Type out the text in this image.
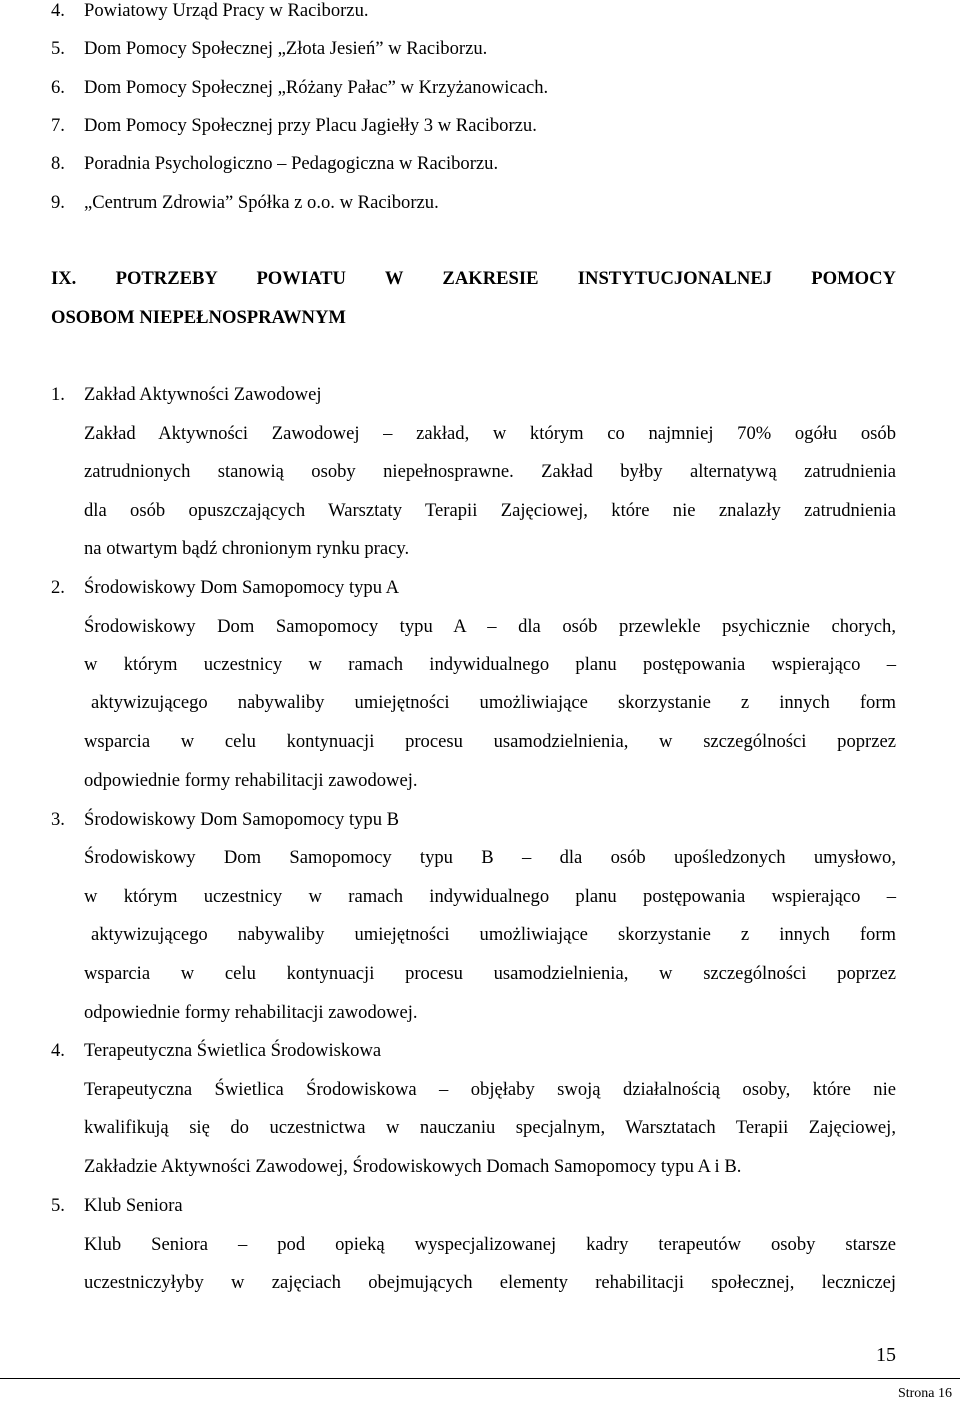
4. Powiatowy Urząd Pracy w Raciborzu.
5. Dom Pomocy Społecznej „Złota Jesień” w Raciborzu.
6. Dom Pomocy Społecznej „Różany Pałac” w Krzyżanowicach.
7. Dom Pomocy Społecznej przy Placu Jagiełły 3 w Raciborzu.
8. Poradnia Psychologiczno – Pedagogiczna w Raciborzu.
9. „Centrum Zdrowia” Spółka z o.o. w Raciborzu.
IX. POTRZEBY POWIATU W ZAKRESIE INSTYTUCJONALNEJ POMOCY
OSOBOM NIEPEŁNOSPRAWNYM
1. Zakład Aktywności Zawodowej
Zakład Aktywności Zawodowej – zakład, w którym co najmniej 70% ogółu osób
zatrudnionych stanowią osoby niepełnosprawne. Zakład byłby alternatywą zatrudnienia
dla osób opuszczających Warsztaty Terapii Zajęciowej, które nie znalazły zatrudnienia
na otwartym bądź chronionym rynku pracy.
2. Środowiskowy Dom Samopomocy typu A
Środowiskowy Dom Samopomocy typu A – dla osób przewlekle psychicznie chorych,
w którym uczestnicy w ramach indywidualnego planu postępowania wspierająco –
aktywizującego nabywaliby umiejętności umożliwiające skorzystanie z innych form
wsparcia w celu kontynuacji procesu usamodzielnienia, w szczególności poprzez
odpowiednie formy rehabilitacji zawodowej.
3. Środowiskowy Dom Samopomocy typu B
Środowiskowy Dom Samopomocy typu B – dla osób upośledzonych umysłowo,
w którym uczestnicy w ramach indywidualnego planu postępowania wspierająco –
aktywizującego nabywaliby umiejętności umożliwiające skorzystanie z innych form
wsparcia w celu kontynuacji procesu usamodzielnienia, w szczególności poprzez
odpowiednie formy rehabilitacji zawodowej.
4. Terapeutyczna Świetlica Środowiskowa
Terapeutyczna Świetlica Środowiskowa – objęłaby swoją działalnością osoby, które nie
kwalifikują się do uczestnictwa w nauczaniu specjalnym, Warsztatach Terapii Zajęciowej,
Zakładzie Aktywności Zawodowej, Środowiskowych Domach Samopomocy typu A i B.
5. Klub Seniora
Klub Seniora – pod opieką wyspecjalizowanej kadry terapeutów osoby starsze
uczestniczyłyby w zajęciach obejmujących elementy rehabilitacji społecznej, leczniczej
15
Strona 16
